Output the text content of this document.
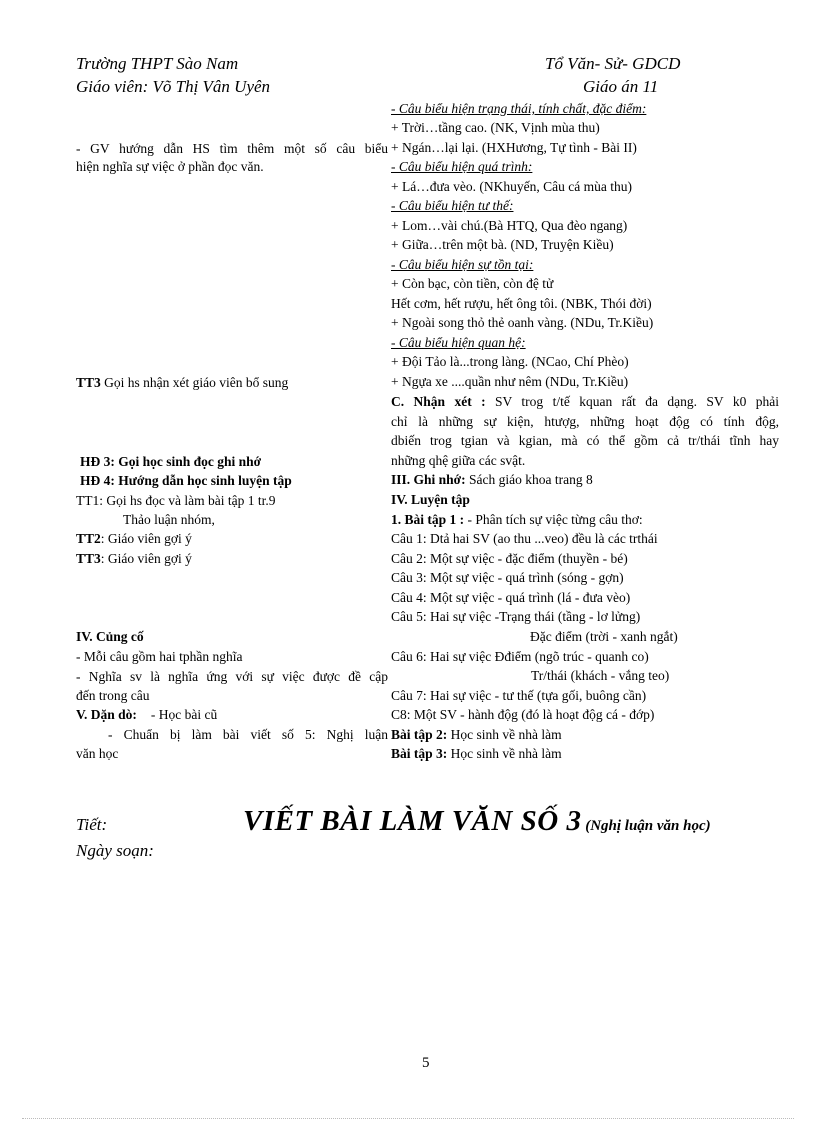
Trường THPT Sào Nam	Tổ Văn- Sử- GDCD
Giáo viên: Võ Thị Vân Uyên	Giáo án 11
- GV hướng dẫn HS tìm thêm một số câu biểu
hiện nghĩa sự việc ở phần đọc văn.
TT3 Gọi hs nhận xét giáo viên bổ sung
HĐ 3: Gọi học sinh đọc ghi nhớ
HĐ 4: Hướng dẫn học sinh luyện tập
TT1: Gọi hs đọc và làm bài tập 1 tr.9
Thảo luận nhóm,
TT2: Giáo viên gợi ý
TT3: Giáo viên gợi ý
IV. Củng cố
- Mỗi câu gồm hai tphần nghĩa
- Nghĩa sv là nghĩa ứng với sự việc được đề cập
đến trong câu
V. Dặn dò: - Học bài cũ
- Chuẩn bị làm bài viết số 5: Nghị luận
văn học
- Câu biểu hiện trạng thái, tính chất, đặc điểm:
+ Trời…tầng cao. (NK, Vịnh mùa thu)
+ Ngán…lại lại. (HXHương, Tự tình - Bài II)
- Câu biểu hiện quá trình:
+ Lá…đưa vèo. (NKhuyến, Câu cá mùa thu)
- Câu biểu hiện tư thế:
+ Lom…vài chú.(Bà HTQ, Qua đèo ngang)
+ Giữa…trên một bà. (ND, Truyện Kiều)
- Câu biểu hiện sự tồn tại:
+ Còn bạc, còn tiền, còn đệ tử
Hết cơm, hết rượu, hết ông tôi. (NBK, Thói đời)
+ Ngoài song thỏ thẻ oanh vàng. (NDu, Tr.Kiều)
- Câu biểu hiện quan hệ:
+ Đội Tảo là...trong làng. (NCao, Chí Phèo)
+ Ngựa xe ....quần như nêm (NDu, Tr.Kiều)
C. Nhận xét : SV trog t/tế kquan rất đa dạng. SV k0 phải
chỉ là những sự kiện, htượg, những hoạt độg có tính độg,
dbiến trog tgian và kgian, mà có thể gồm cả tr/thái tĩnh hay
những qhệ giữa các svật.
III. Ghi nhớ: Sách giáo khoa trang 8
IV. Luyện tập
1. Bài tập 1 : - Phân tích sự việc từng câu thơ:
Câu 1: Dtả hai SV (ao thu ...veo) đều là các trthái
Câu 2: Một sự việc - đặc điểm (thuyền - bé)
Câu 3: Một sự việc - quá trình (sóng - gợn)
Câu 4: Một sự việc - quá trình (lá - đưa vèo)
Câu 5: Hai sự việc -Trạng thái (tầng - lơ lửng)
Đặc điểm (trời - xanh ngắt)
Câu 6: Hai sự việc Đđiểm (ngõ trúc - quanh co)
Tr/thái (khách - vắng teo)
Câu 7: Hai sự việc - tư thế (tựa gối, buông cần)
C8: Một SV - hành độg (đó là hoạt độg cá - đớp)
Bài tập 2: Học sinh về nhà làm
Bài tập 3: Học sinh về nhà làm
Tiết:
Ngày soạn:
VIẾT BÀI LÀM VĂN SỐ 3 (Nghị luận văn học)
5
